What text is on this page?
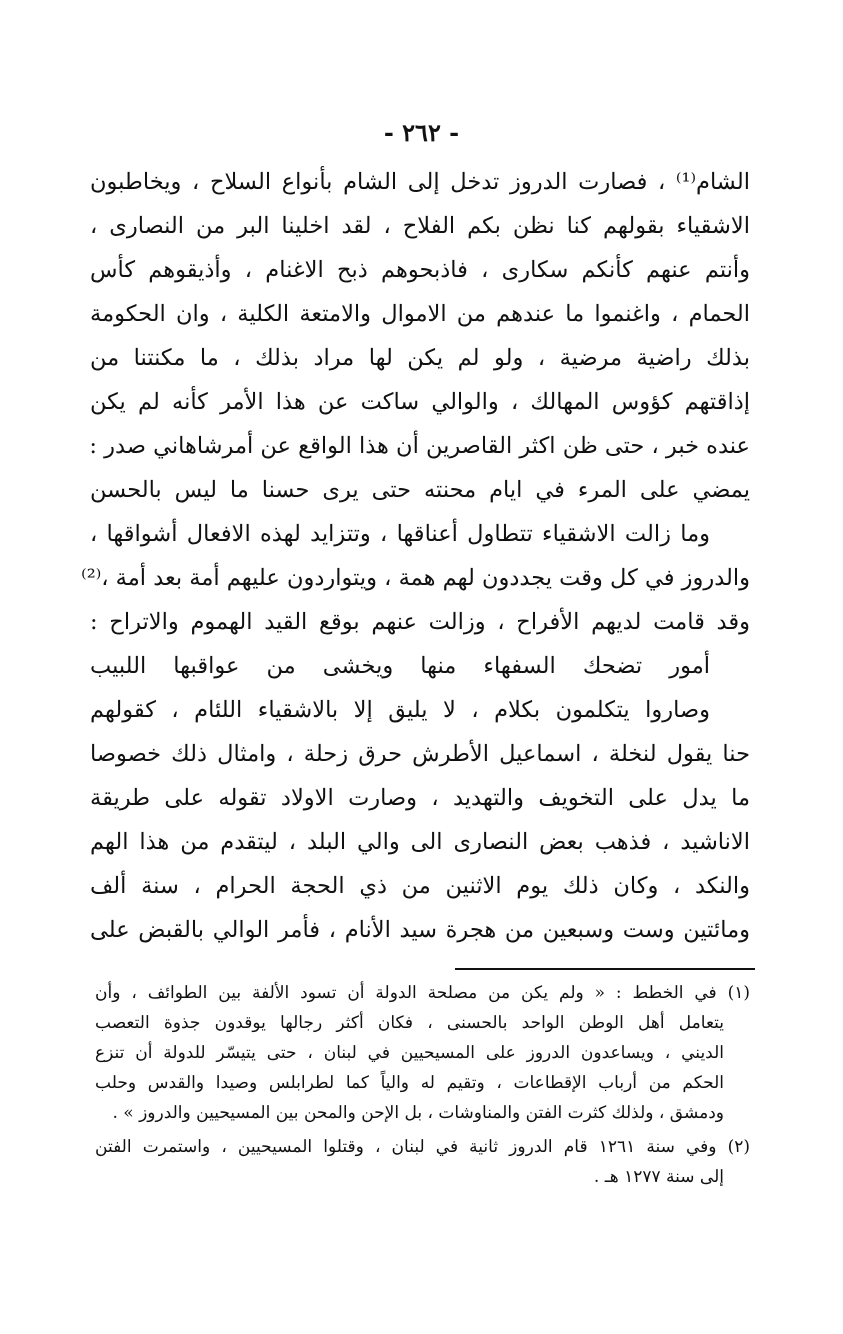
- ٢٦٢ -
الشام⁽¹⁾ ، فصارت الدروز تدخل إلى الشام بأنواع السلاح ، ويخاطبون
الاشقياء بقولهم كنا نظن بكم الفلاح ، لقد اخلينا البر من النصارى ،
وأنتم عنهم كأنكم سكارى ، فاذبحوهم ذبح الاغنام ، وأذيقوهم كأس
الحمام ، واغنموا ما عندهم من الاموال والامتعة الكلية ، وان الحكومة
بذلك راضية مرضية ، ولو لم يكن لها مراد بذلك ، ما مكنتنا من
إذاقتهم كؤوس المهالك ، والوالي ساكت عن هذا الأمر كأنه لم يكن
عنده خبر ، حتى ظن اكثر القاصرين أن هذا الواقع عن أمرشاهاني صدر :
يمضي على المرء في ايام محنته حتى يرى حسنا ما ليس بالحسن
وما زالت الاشقياء تتطاول أعناقها ، وتتزايد لهذه الافعال أشواقها ،
والدروز في كل وقت يجددون لهم همة ، ويتواردون عليهم أمة بعد أمة ،⁽²⁾
وقد قامت لديهم الأفراح ، وزالت عنهم بوقع القيد الهموم والاتراح :
أمور تضحك السفهاء منها ويخشى من عواقبها اللبيب
وصاروا يتكلمون بكلام ، لا يليق إلا بالاشقياء اللئام ، كقولهم
حنا يقول لنخلة ، اسماعيل الأطرش حرق زحلة ، وامثال ذلك خصوصا
ما يدل على التخويف والتهديد ، وصارت الاولاد تقوله على طريقة
الاناشيد ، فذهب بعض النصارى الى والي البلد ، ليتقدم من هذا الهم
والنكد ، وكان ذلك يوم الاثنين من ذي الحجة الحرام ، سنة ألف
ومائتين وست وسبعين من هجرة سيد الأنام ، فأمر الوالي بالقبض على
(١) في الخطط : « ولم يكن من مصلحة الدولة أن تسود الألفة بين الطوائف ، وأن
يتعامل أهل الوطن الواحد بالحسنى ، فكان أكثر رجالها يوقدون جذوة التعصب
الديني ، ويساعدون الدروز على المسيحيين في لبنان ، حتى يتيسّر للدولة أن تنزع
الحكم من أرباب الإقطاعات ، وتقيم له والياً كما لطرابلس وصيدا والقدس وحلب
ودمشق ، ولذلك كثرت الفتن والمناوشات ، بل الإحن والمحن بين المسيحيين والدروز » .
(٢) وفي سنة ١٢٦١ قام الدروز ثانية في لبنان ، وقتلوا المسيحيين ، واستمرت الفتن
إلى سنة ١٢٧٧ هـ .
